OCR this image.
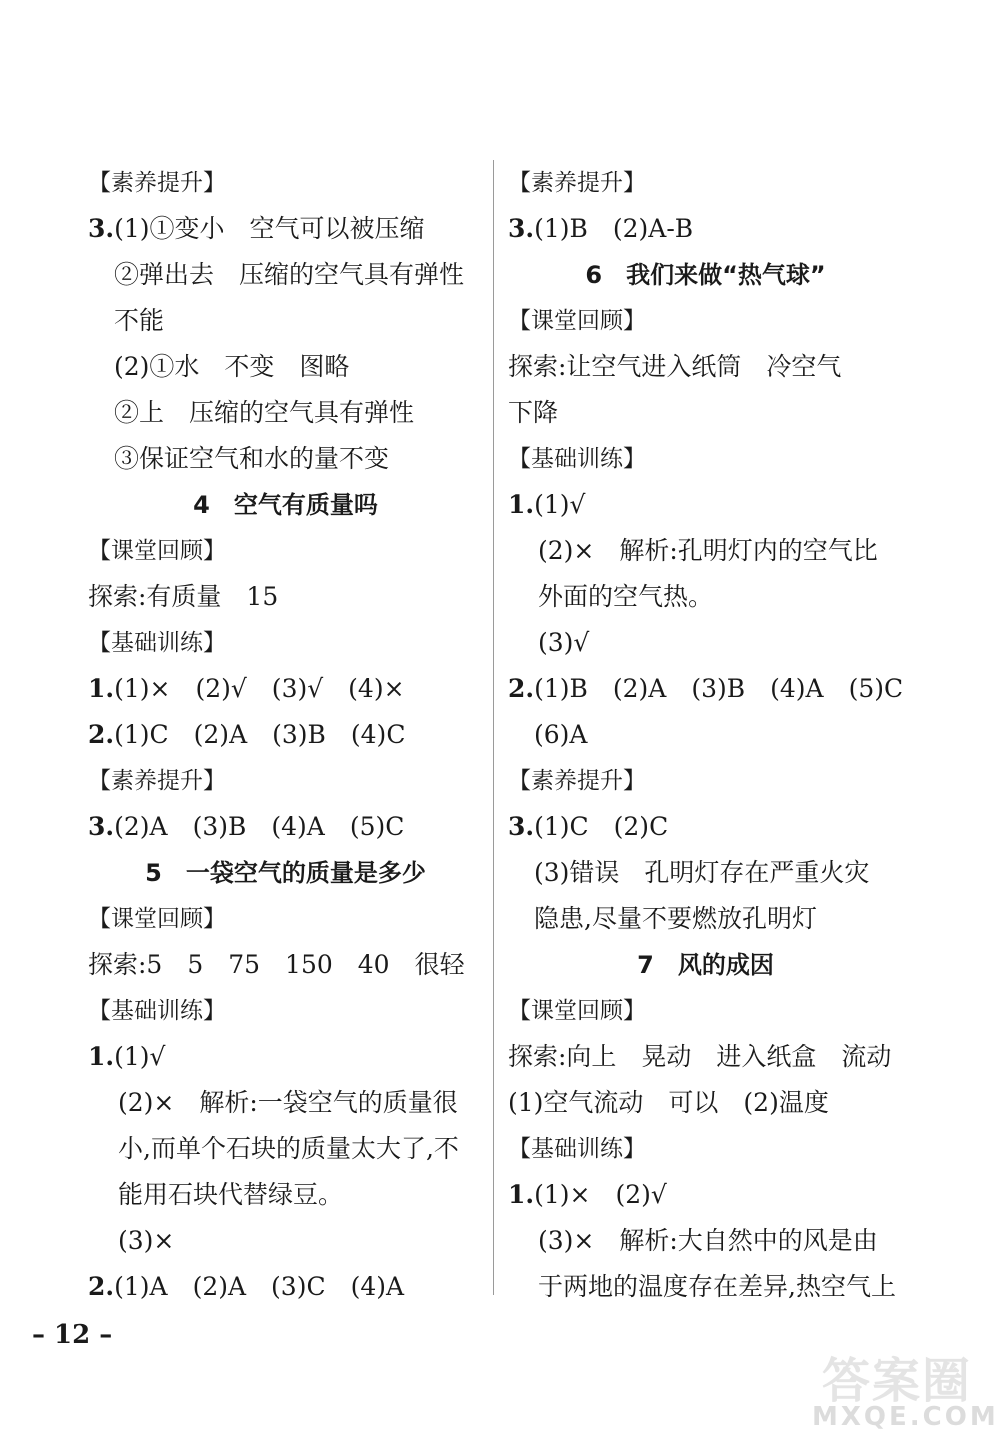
【素养提升】
3.(1)①变小　空气可以被压缩
②弹出去　压缩的空气具有弹性
不能
(2)①水　不变　图略
②上　压缩的空气具有弹性
③保证空气和水的量不变
4　空气有质量吗
【课堂回顾】
探索:有质量　15
【基础训练】
1.(1)×　(2)√　(3)√　(4)×
2.(1)C　(2)A　(3)B　(4)C
【素养提升】
3.(2)A　(3)B　(4)A　(5)C
5　一袋空气的质量是多少
【课堂回顾】
探索:5　5　75　150　40　很轻
【基础训练】
1.(1)√
(2)×　解析:一袋空气的质量很
小,而单个石块的质量太大了,不
能用石块代替绿豆。
(3)×
2.(1)A　(2)A　(3)C　(4)A
【素养提升】
3.(1)B　(2)A-B
6　我们来做“热气球”
【课堂回顾】
探索:让空气进入纸筒　冷空气
下降
【基础训练】
1.(1)√
(2)×　解析:孔明灯内的空气比
外面的空气热。
(3)√
2.(1)B　(2)A　(3)B　(4)A　(5)C
(6)A
【素养提升】
3.(1)C　(2)C
(3)错误　孔明灯存在严重火灾
隐患,尽量不要燃放孔明灯
7　风的成因
【课堂回顾】
探索:向上　晃动　进入纸盒　流动
(1)空气流动　可以　(2)温度
【基础训练】
1.(1)×　(2)√
(3)×　解析:大自然中的风是由
于两地的温度存在差异,热空气上
– 12 –
答案圈
MXQE.COM
